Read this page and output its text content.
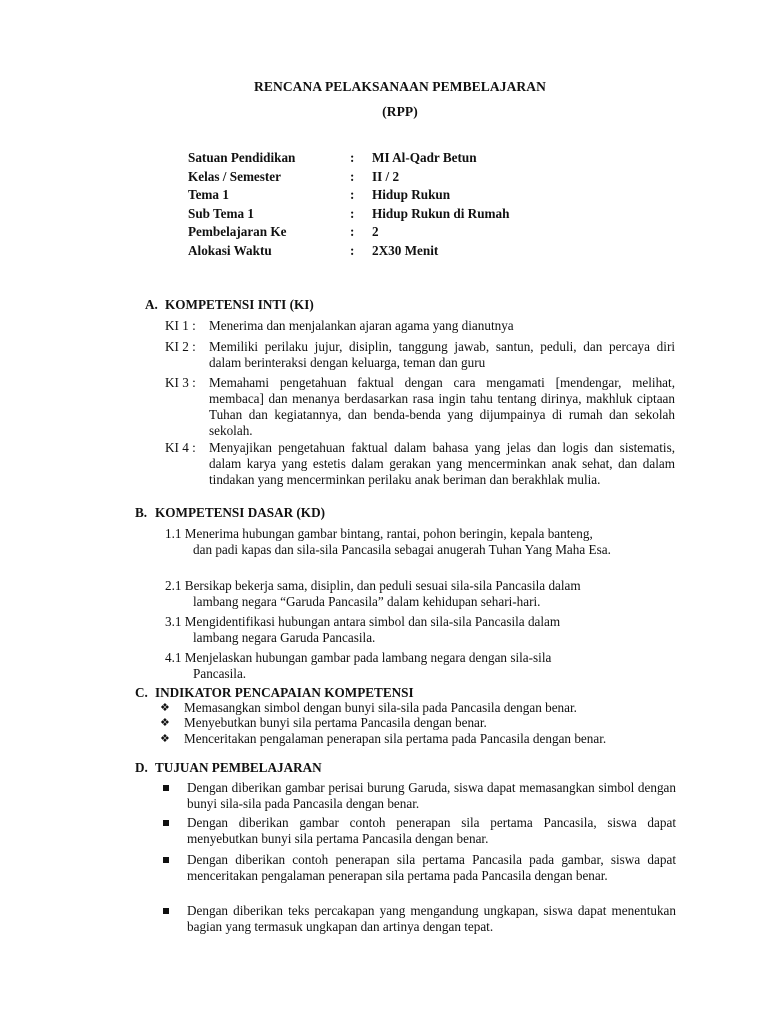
RENCANA PELAKSANAAN PEMBELAJARAN
(RPP)
Satuan Pendidikan	: MI Al-Qadr Betun
Kelas / Semester	: II / 2
Tema 1	: Hidup Rukun
Sub Tema 1	: Hidup Rukun di Rumah
Pembelajaran Ke	: 2
Alokasi Waktu	: 2X30 Menit
A. KOMPETENSI INTI (KI)
KI 1 : Menerima dan menjalankan ajaran agama yang dianutnya
KI 2 : Memiliki perilaku jujur, disiplin, tanggung jawab, santun, peduli, dan percaya diri dalam berinteraksi dengan keluarga, teman dan guru
KI 3 : Memahami pengetahuan faktual dengan cara mengamati [mendengar, melihat, membaca] dan menanya berdasarkan rasa ingin tahu tentang dirinya, makhluk ciptaan Tuhan dan kegiatannya, dan benda-benda yang dijumpainya di rumah dan sekolah sekolah.
KI 4 : Menyajikan pengetahuan faktual dalam bahasa yang jelas dan logis dan sistematis, dalam karya yang estetis dalam gerakan yang mencerminkan anak sehat, dan dalam tindakan yang mencerminkan perilaku anak beriman dan berakhlak mulia.
B. KOMPETENSI DASAR (KD)
1.1 Menerima hubungan gambar bintang, rantai, pohon beringin, kepala banteng,
dan padi kapas dan sila-sila Pancasila sebagai anugerah Tuhan Yang Maha Esa.
2.1 Bersikap bekerja sama, disiplin, dan peduli sesuai sila-sila Pancasila dalam
lambang negara “Garuda Pancasila” dalam kehidupan sehari-hari.
3.1 Mengidentifikasi hubungan antara simbol dan sila-sila Pancasila dalam
lambang negara Garuda Pancasila.
4.1 Menjelaskan hubungan gambar pada lambang negara dengan sila-sila
Pancasila.
C. INDIKATOR PENCAPAIAN KOMPETENSI
❖ Memasangkan simbol dengan bunyi sila-sila pada Pancasila dengan benar.
❖ Menyebutkan bunyi sila pertama Pancasila dengan benar.
❖ Menceritakan pengalaman penerapan sila pertama pada Pancasila dengan benar.
D. TUJUAN PEMBELAJARAN
Dengan diberikan gambar perisai burung Garuda, siswa dapat memasangkan simbol dengan bunyi sila-sila pada Pancasila dengan benar.
Dengan diberikan gambar contoh penerapan sila pertama Pancasila, siswa dapat menyebutkan bunyi sila pertama Pancasila dengan benar.
Dengan diberikan contoh penerapan sila pertama Pancasila pada gambar, siswa dapat menceritakan pengalaman penerapan sila pertama pada Pancasila dengan benar.
Dengan diberikan teks percakapan yang mengandung ungkapan, siswa dapat menentukan bagian yang termasuk ungkapan dan artinya dengan tepat.
